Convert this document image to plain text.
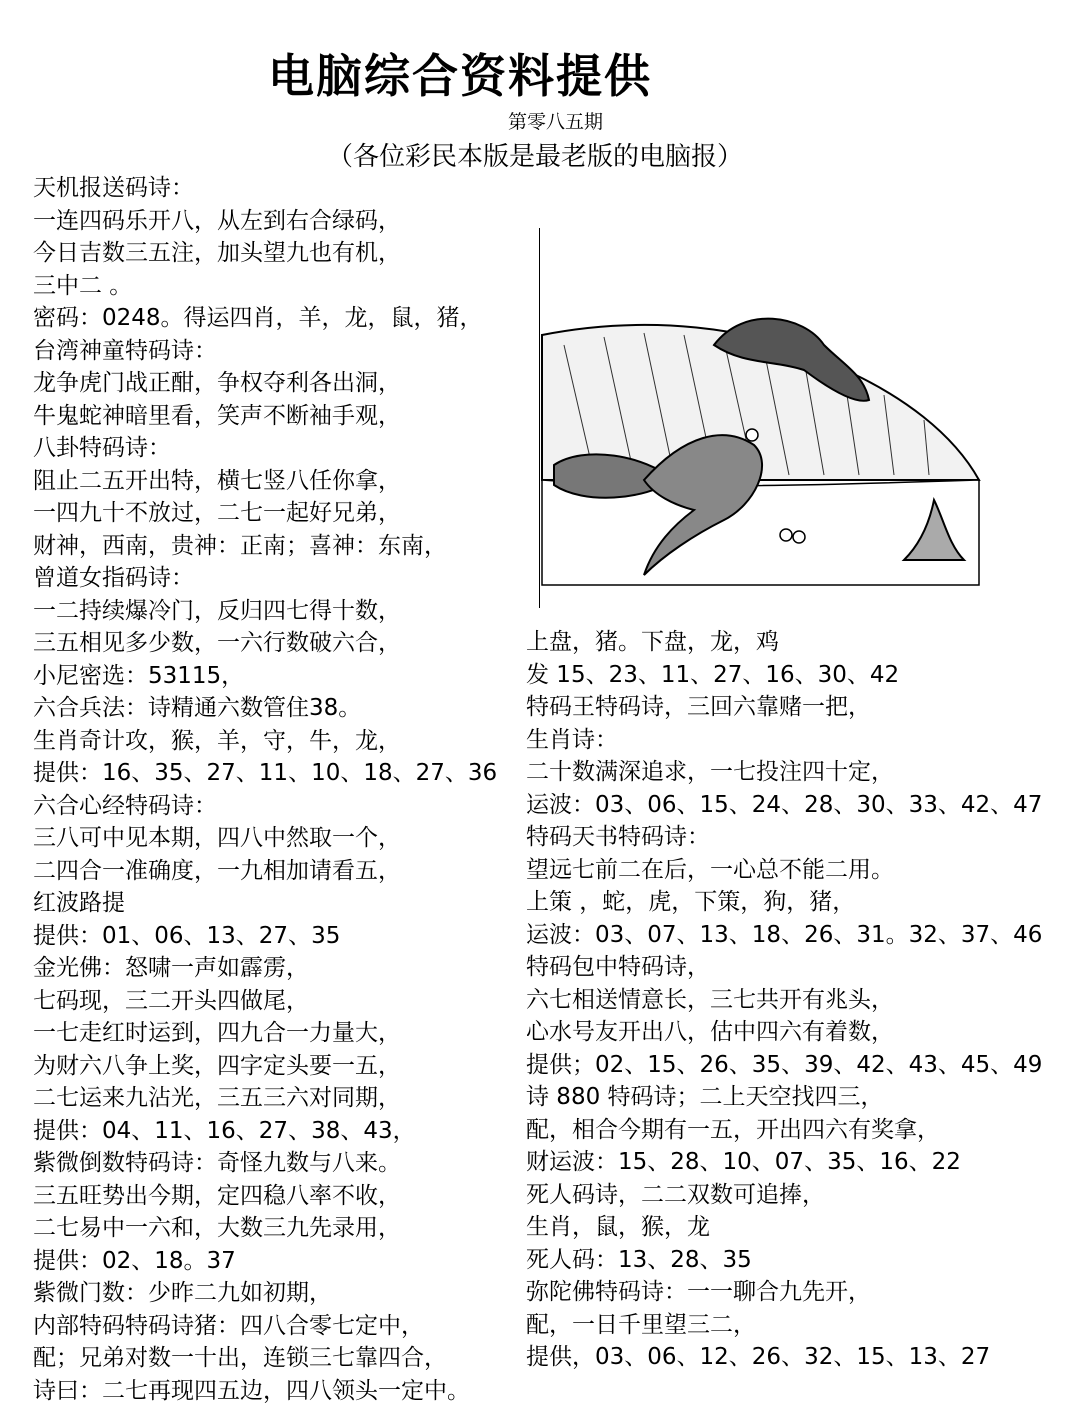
电脑综合资料提供
第零八五期
（各位彩民本版是最老版的电脑报）
天机报送码诗：
一连四码乐开八，从左到右合绿码，
今日吉数三五注，加头望九也有机，
三中二 。
密码：0248。得运四肖，羊，龙，鼠，猪，
台湾神童特码诗：
龙争虎门战正酣，争权夺利各出洞，
牛鬼蛇神暗里看，笑声不断袖手观，
八卦特码诗：
阻止二五开出特，横七竖八任你拿，
一四九十不放过，二七一起好兄弟，
财神，西南，贵神：正南；喜神：东南，
曾道女指码诗：
一二持续爆冷门，反归四七得十数，
三五相见多少数，一六行数破六合，
小尼密选：53115，
六合兵法：诗精通六数管住38。
生肖奇计攻，猴，羊，守，牛，龙，
提供：16、35、27、11、10、18、27、36
六合心经特码诗：
三八可中见本期，四八中然取一个，
二四合一准确度，一九相加请看五，
红波路提
提供：01、06、13、27、35
金光佛：怒啸一声如霹雳，
七码现，三二开头四做尾，
一七走红时运到，四九合一力量大，
为财六八争上奖，四字定头要一五，
二七运来九沾光，三五三六对同期，
提供：04、11、16、27、38、43，
紫微倒数特码诗：奇怪九数与八来。
三五旺势出今期，定四稳八率不收，
二七易中一六和，大数三九先录用，
提供：02、18。37
紫微门数：少昨二九如初期，
内部特码特码诗猪：四八合零七定中，
配；兄弟对数一十出，连锁三七靠四合，
诗曰：二七再现四五边，四八领头一定中。
上盘，猪。下盘，龙，鸡
发 15、23、11、27、16、30、42
特码王特码诗，三回六靠赌一把，
生肖诗：
二十数满深追求，一七投注四十定，
运波：03、06、15、24、28、30、33、42、47
特码天书特码诗：
望远七前二在后，一心总不能二用。
上策 ，蛇，虎，下策，狗，猪，
运波：03、07、13、18、26、31。32、37、46
特码包中特码诗，
六七相送情意长，三七共开有兆头，
心水号友开出八，估中四六有着数，
提供；02、15、26、35、39、42、43、45、49
诗 880 特码诗；二上天空找四三，
配，相合今期有一五，开出四六有奖拿，
财运波：15、28、10、07、35、16、22
死人码诗，二二双数可追捧，
生肖，鼠，猴，龙
死人码：13、28、35
弥陀佛特码诗：一一聊合九先开，
配，一日千里望三二，
提供，03、06、12、26、32、15、13、27
